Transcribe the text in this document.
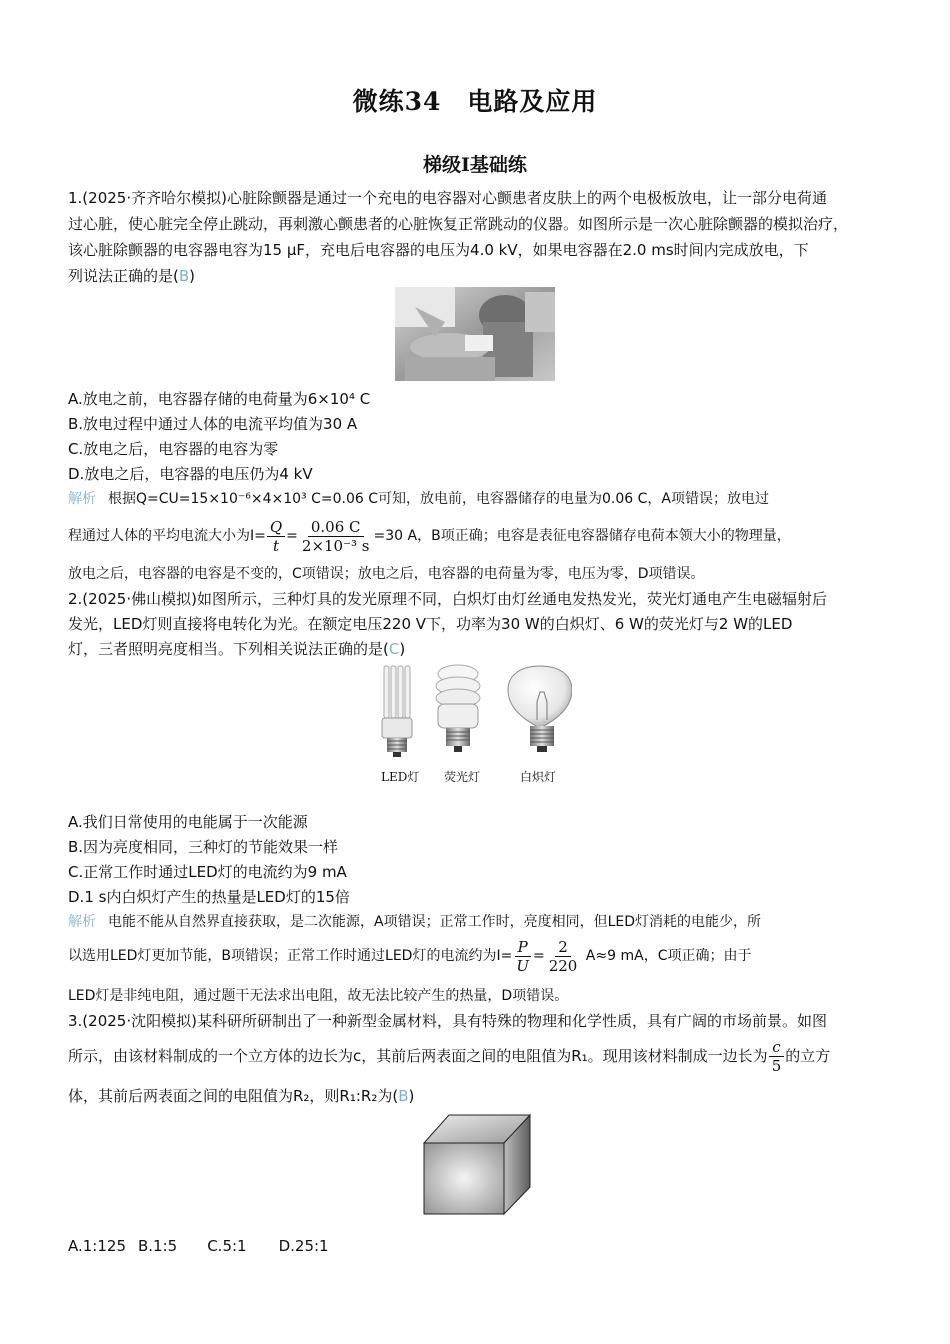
微练34　电路及应用
梯级Ⅰ基础练
1.(2025·齐齐哈尔模拟)心脏除颤器是通过一个充电的电容器对心颤患者皮肤上的两个电极板放电，让一部分电荷通
过心脏，使心脏完全停止跳动，再刺激心颤患者的心脏恢复正常跳动的仪器。如图所示是一次心脏除颤器的模拟治疗，
该心脏除颤器的电容器电容为15 μF，充电后电容器的电压为4.0 kV，如果电容器在2.0 ms时间内完成放电，下
列说法正确的是(B)
A.放电之前，电容器存储的电荷量为6×10⁴ C
B.放电过程中通过人体的电流平均值为30 A
C.放电之后，电容器的电容为零
D.放电之后，电容器的电压仍为4 kV
解析 根据Q=CU=15×10⁻⁶×4×10³ C=0.06 C可知，放电前，电容器储存的电量为0.06 C，A项错误；放电过
程通过人体的平均电流大小为$I= \frac{Q}{t} = \frac{0.06 C}{\text{2×10⁻³ s}} =30$ A，B项正确；电容是表征电容器储存电荷本领大小的物理量，
放电之后，电容器的电容是不变的，C项错误；放电之后，电容器的电荷量为零，电压为零，D项错误。
2.(2025·佛山模拟)如图所示，三种灯具的发光原理不同，白炽灯由灯丝通电发热发光，荧光灯通电产生电磁辐射后
发光，LED灯则直接将电转化为光。在额定电压220 V下，功率为30 W的白炽灯、6 W的荧光灯与2 W的LED
灯，三者照明亮度相当。下列相关说法正确的是(C)
LED灯 荧光灯	白炽灯
A.我们日常使用的电能属于一次能源
B.因为亮度相同，三种灯的节能效果一样
C.正常工作时通过LED灯的电流约为9 mA
D.1 s内白炽灯产生的热量是LED灯的15倍
解析 电能不能从自然界直接获取，是二次能源，A项错误；正常工作时，亮度相同，但LED灯消耗的电能少，所
以选用LED灯更加节能，B项错误；正常工作时通过LED灯的电流约为$I= \frac{P}{U} = \frac{2}{220} A\approx 9$ mA，C项正确；由于
LED灯是非纯电阻，通过题干无法求出电阻，故无法比较产生的热量，D项错误。
3.(2025·沈阳模拟)某科研所研制出了一种新型金属材料，具有特殊的物理和化学性质，具有广阔的市场前景。如图
所示，由该材料制成的一个立方体的边长为c，其前后两表面之间的电阻值为R₁。现用该材料制成一边长为 $\frac{c}{5}$ 的立方
体，其前后两表面之间的电阻值为R₂，则R₁:R₂为(B)
A.1:125 B.1:5 C.5:1 D.25:1
